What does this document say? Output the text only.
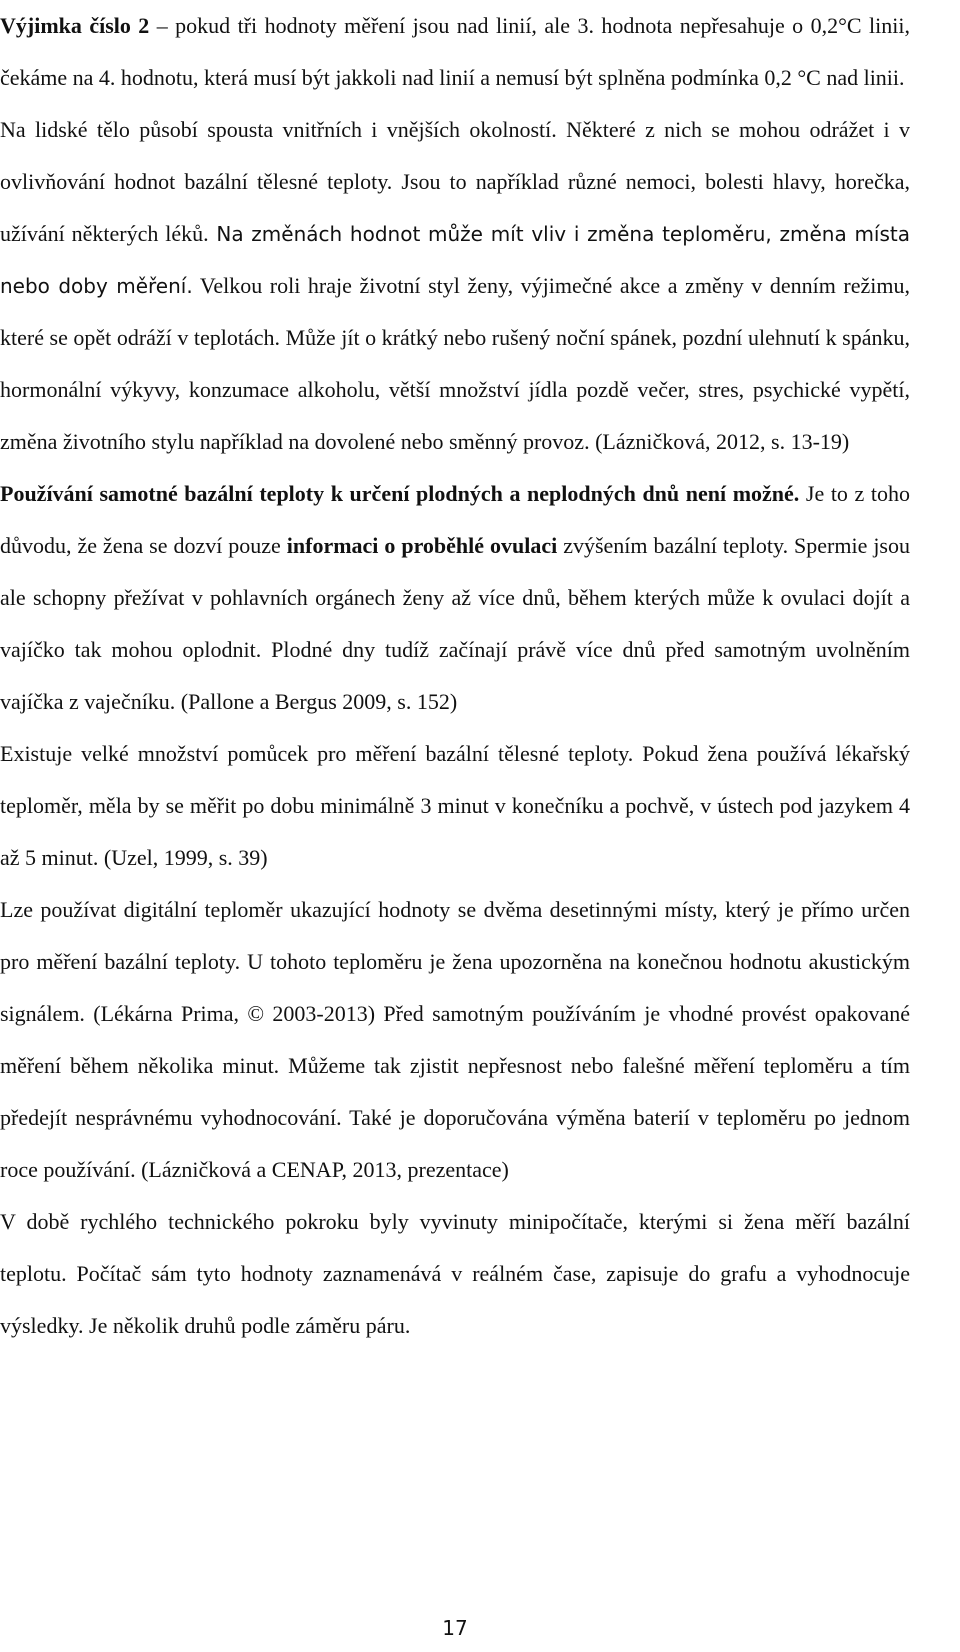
Výjimka číslo 2 – pokud tři hodnoty měření jsou nad linií, ale 3. hodnota nepřesahuje o 0,2°C linii, čekáme na 4. hodnotu, která musí být jakkoli nad linií a nemusí být splněna podmínka 0,2 °C nad linii.

Na lidské tělo působí spousta vnitřních i vnějších okolností. Některé z nich se mohou odrážet i v ovlivňování hodnot bazální tělesné teploty. Jsou to například různé nemoci, bolesti hlavy, horečka, užívání některých léků. Na změnách hodnot může mít vliv i změna teploměru, změna místa nebo doby měření. Velkou roli hraje životní styl ženy, výjimečné akce a změny v denním režimu, které se opět odráží v teplotách. Může jít o krátký nebo rušený noční spánek, pozdní ulehnutí k spánku, hormonální výkyvy, konzumace alkoholu, větší množství jídla pozdě večer, stres, psychické vypětí, změna životního stylu například na dovolené nebo směnný provoz. (Lázničková, 2012, s. 13-19)

Používání samotné bazální teploty k určení plodných a neplodných dnů není možné. Je to z toho důvodu, že žena se dozví pouze informaci o proběhlé ovulaci zvýšením bazální teploty. Spermie jsou ale schopny přežívat v pohlavních orgánech ženy až více dnů, během kterých může k ovulaci dojít a vajíčko tak mohou oplodnit. Plodné dny tudíž začínají právě více dnů před samotným uvolněním vajíčka z vaječníku. (Pallone a Bergus 2009, s. 152)

Existuje velké množství pomůcek pro měření bazální tělesné teploty. Pokud žena používá lékařský teploměr, měla by se měřit po dobu minimálně 3 minut v konečníku a pochvě, v ústech pod jazykem 4 až 5 minut. (Uzel, 1999, s. 39)

Lze používat digitální teploměr ukazující hodnoty se dvěma desetinnými místy, který je přímo určen pro měření bazální teploty. U tohoto teploměru je žena upozorněna na konečnou hodnotu akustickým signálem. (Lékárna Prima, © 2003-2013) Před samotným používáním je vhodné provést opakované měření během několika minut. Můžeme tak zjistit nepřesnost nebo falešné měření teploměru a tím předejít nesprávnému vyhodnocování. Také je doporučována výměna baterií v teploměru po jednom roce používání. (Lázničková a CENAP, 2013, prezentace)

V době rychlého technického pokroku byly vyvinuty minipočítače, kterými si žena měří bazální teplotu. Počítač sám tyto hodnoty zaznamenává v reálném čase, zapisuje do grafu a vyhodnocuje výsledky. Je několik druhů podle záměru páru.

17
